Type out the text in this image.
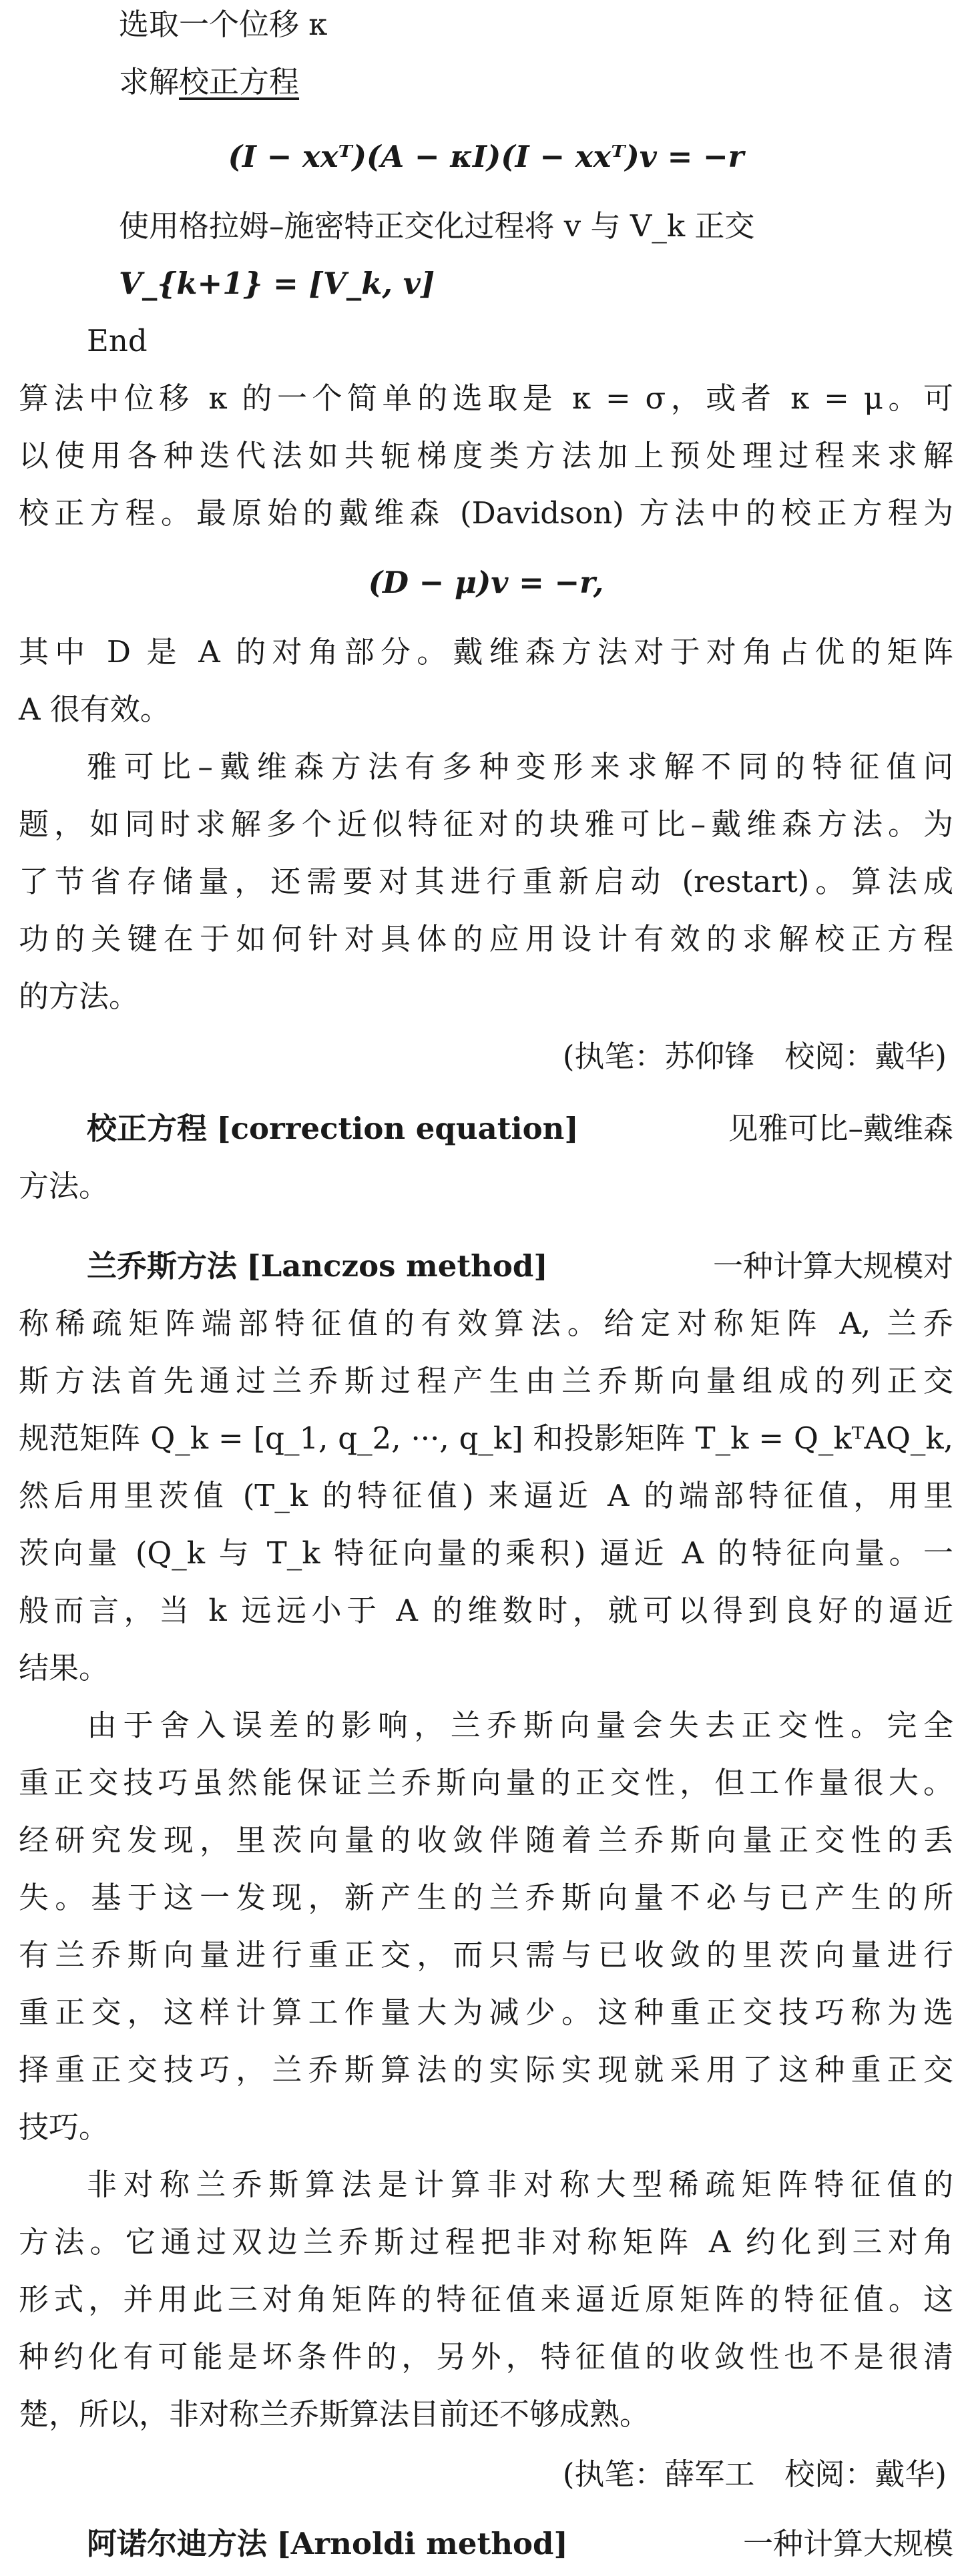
选取一个位移 κ
求解校正方程
(I − xxᵀ)(A − κI)(I − xxᵀ)v = −r
使用格拉姆–施密特正交化过程将 v 与 V_k 正交
V_{k+1} = [V_k, v]
End
算法中位移 κ 的一个简单的选取是 κ = σ，或者 κ = μ。可
以使用各种迭代法如共轭梯度类方法加上预处理过程来求解
校正方程。最原始的戴维森 (Davidson) 方法中的校正方程为
(D − μ)v = −r,
其中 D 是 A 的对角部分。戴维森方法对于对角占优的矩阵
A 很有效。
雅可比–戴维森方法有多种变形来求解不同的特征值问
题，如同时求解多个近似特征对的块雅可比–戴维森方法。为
了节省存储量，还需要对其进行重新启动 (restart)。算法成
功的关键在于如何针对具体的应用设计有效的求解校正方程
的方法。
(执笔：苏仰锋　校阅：戴华)
校正方程 [correction equation]	见雅可比–戴维森
方法。
兰乔斯方法 [Lanczos method]	一种计算大规模对
称稀疏矩阵端部特征值的有效算法。给定对称矩阵 A, 兰乔
斯方法首先通过兰乔斯过程产生由兰乔斯向量组成的列正交
规范矩阵 Q_k = [q_1, q_2, ···, q_k] 和投影矩阵 T_k = Q_kᵀAQ_k,
然后用里茨值 (T_k 的特征值) 来逼近 A 的端部特征值，用里
茨向量 (Q_k 与 T_k 特征向量的乘积) 逼近 A 的特征向量。一
般而言，当 k 远远小于 A 的维数时，就可以得到良好的逼近
结果。
由于舍入误差的影响，兰乔斯向量会失去正交性。完全
重正交技巧虽然能保证兰乔斯向量的正交性，但工作量很大。
经研究发现，里茨向量的收敛伴随着兰乔斯向量正交性的丢
失。基于这一发现，新产生的兰乔斯向量不必与已产生的所
有兰乔斯向量进行重正交，而只需与已收敛的里茨向量进行
重正交，这样计算工作量大为减少。这种重正交技巧称为选
择重正交技巧，兰乔斯算法的实际实现就采用了这种重正交
技巧。
非对称兰乔斯算法是计算非对称大型稀疏矩阵特征值的
方法。它通过双边兰乔斯过程把非对称矩阵 A 约化到三对角
形式，并用此三对角矩阵的特征值来逼近原矩阵的特征值。这
种约化有可能是坏条件的，另外，特征值的收敛性也不是很清
楚，所以，非对称兰乔斯算法目前还不够成熟。
(执笔：薛军工　校阅：戴华)
阿诺尔迪方法 [Arnoldi method]	一种计算大规模
